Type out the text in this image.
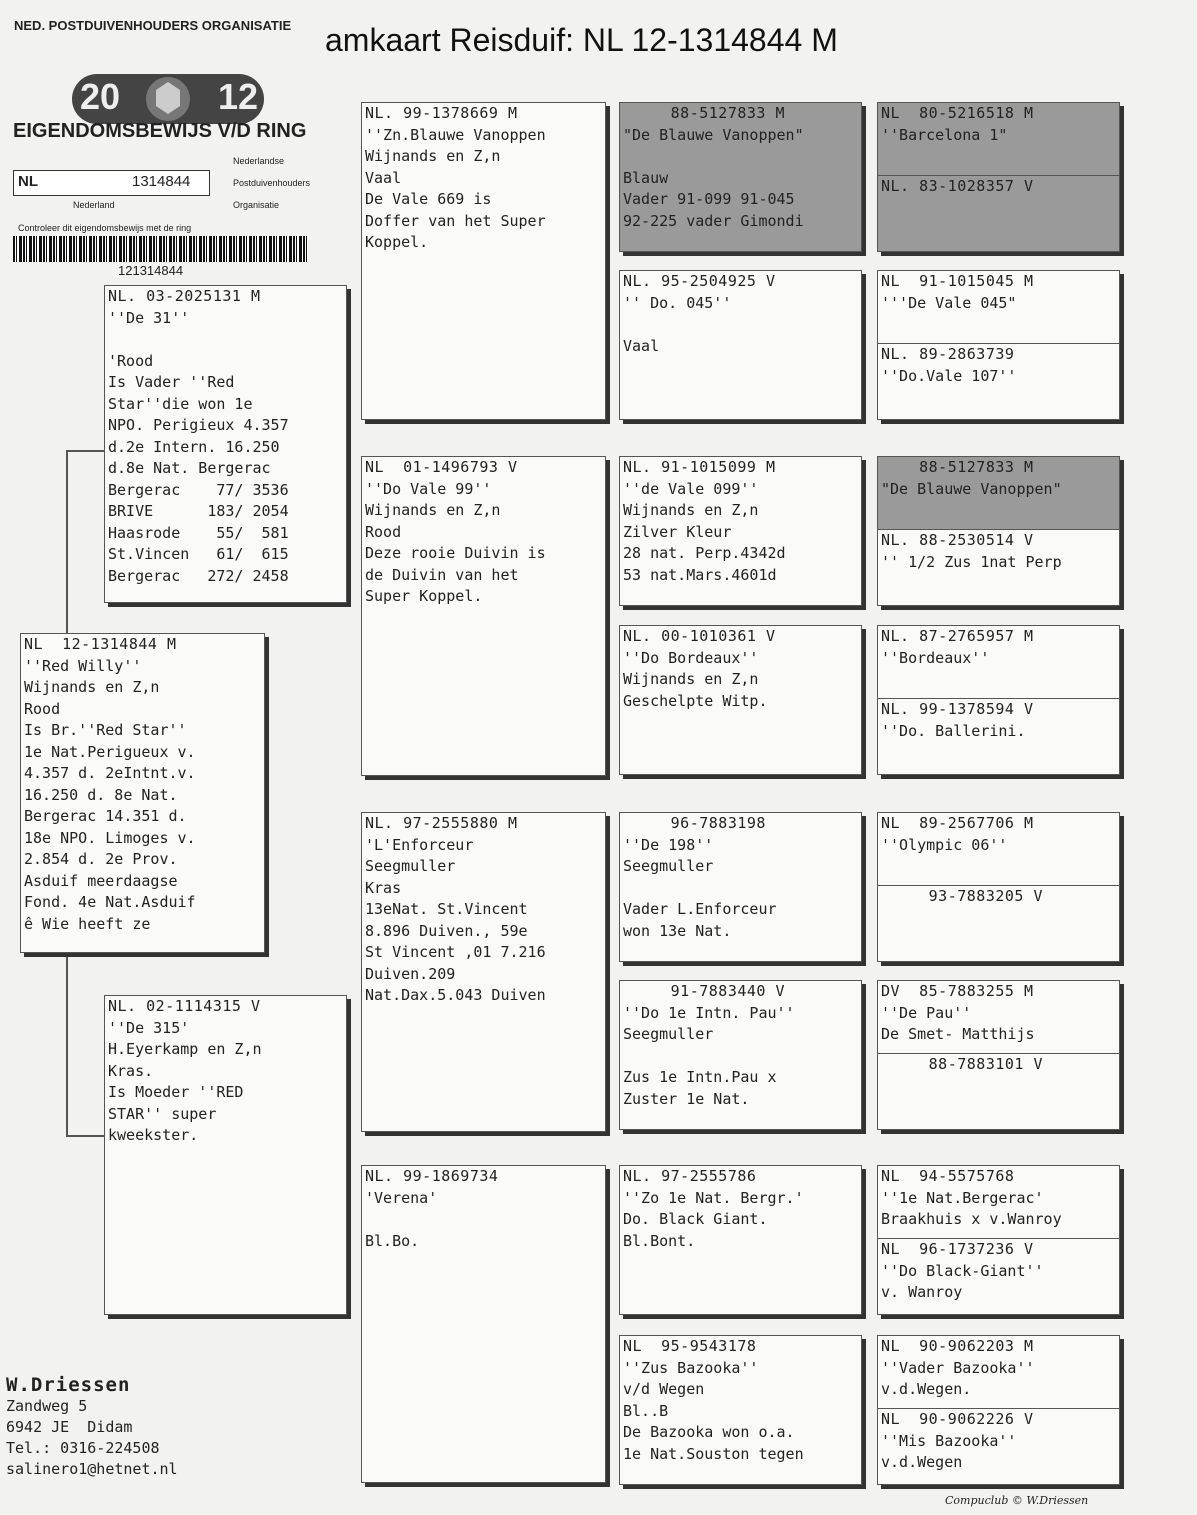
amkaart Reisduif: NL 12-1314844 M
NED. POSTDUIVENHOUDERS ORGANISATIE
20	12
EIGENDOMSBEWIJS V/D RING
NL	1314844
Nederland
Nederlandse
Postduivenhouders
Organisatie
Controleer dit eigendomsbewijs met de ring
121314844
NL  12-1314844 M
''Red Willy''
Wijnands en Z,n
Rood
Is Br.''Red Star''
1e Nat.Perigueux v.
4.357 d. 2eIntnt.v.
16.250 d. 8e Nat.
Bergerac 14.351 d.
18e NPO. Limoges v.
2.854 d. 2e Prov.
Asduif meerdaagse
Fond. 4e Nat.Asduif
ê Wie heeft ze
NL. 03-2025131 M
''De 31''

'Rood
Is Vader ''Red
Star''die won 1e
NPO. Perigieux 4.357
d.2e Intern. 16.250
d.8e Nat. Bergerac
Bergerac    77/ 3536
BRIVE      183/ 2054
Haasrode    55/  581
St.Vincen   61/  615
Bergerac   272/ 2458
NL. 02-1114315 V
''De 315'
H.Eyerkamp en Z,n
Kras.
Is Moeder ''RED
STAR'' super
kweekster.
NL. 99-1378669 M
''Zn.Blauwe Vanoppen
Wijnands en Z,n
Vaal
De Vale 669 is
Doffer van het Super
Koppel.
NL  01-1496793 V
''Do Vale 99''
Wijnands en Z,n
Rood
Deze rooie Duivin is
de Duivin van het
Super Koppel.
NL. 97-2555880 M
'L'Enforceur
Seegmuller
Kras
13eNat. St.Vincent
8.896 Duiven., 59e
St Vincent ,01 7.216
Duiven.209
Nat.Dax.5.043 Duiven
NL. 99-1869734
'Verena'

Bl.Bo.
88-5127833 M
"De Blauwe Vanoppen"

Blauw
Vader 91-099 91-045
92-225 vader Gimondi
NL. 95-2504925 V
'' Do. 045''

Vaal
NL. 91-1015099 M
''de Vale 099''
Wijnands en Z,n
Zilver Kleur
28 nat. Perp.4342d
53 nat.Mars.4601d
NL. 00-1010361 V
''Do Bordeaux''
Wijnands en Z,n
Geschelpte Witp.
96-7883198
''De 198''
Seegmuller

Vader L.Enforceur
won 13e Nat.
91-7883440 V
''Do 1e Intn. Pau''
Seegmuller

Zus 1e Intn.Pau x
Zuster 1e Nat.
NL. 97-2555786
''Zo 1e Nat. Bergr.'
Do. Black Giant.
Bl.Bont.
NL  95-9543178
''Zus Bazooka''
v/d Wegen
Bl..B
De Bazooka won o.a.
1e Nat.Souston tegen
NL  80-5216518 M
''Barcelona 1"
NL. 83-1028357 V
NL  91-1015045 M
'''De Vale 045"
NL. 89-2863739
''Do.Vale 107''
88-5127833 M
"De Blauwe Vanoppen"
NL. 88-2530514 V
'' 1/2 Zus 1nat Perp
NL. 87-2765957 M
''Bordeaux''
NL. 99-1378594 V
''Do. Ballerini.
NL  89-2567706 M
''Olympic 06''
93-7883205 V
DV  85-7883255 M
''De Pau''
De Smet- Matthijs
88-7883101 V
NL  94-5575768
''1e Nat.Bergerac'
Braakhuis x v.Wanroy
NL  96-1737236 V
''Do Black-Giant''
v. Wanroy
NL  90-9062203 M
''Vader Bazooka''
v.d.Wegen.
NL  90-9062226 V
''Mis Bazooka''
v.d.Wegen
W.Driessen
Zandweg 5
6942 JE  Didam
Tel.: 0316-224508
salinero1@hetnet.nl
Compuclub © W.Driessen
